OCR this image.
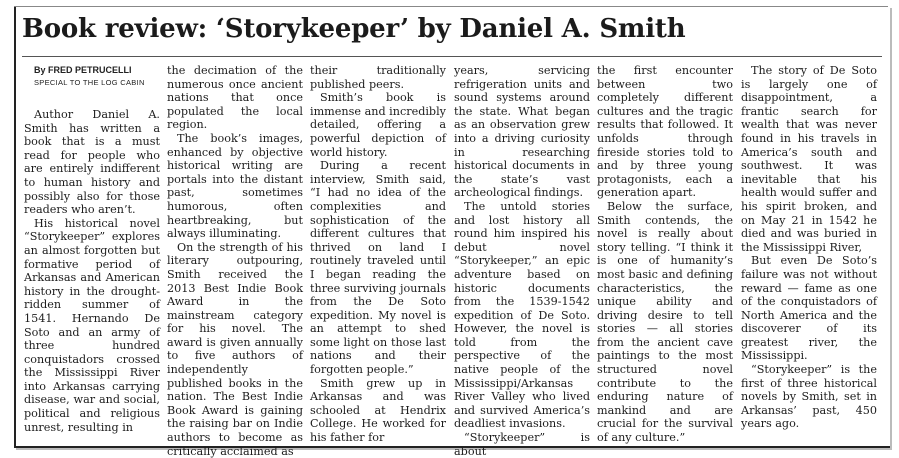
Book review: ‘Storykeeper’ by Daniel A. Smith
By FRED PETRUCELLI
SPECIAL TO THE LOG CABIN

Author Daniel A. Smith has written a book that is a must read for people who are entirely indifferent to human history and possibly also for those readers who aren’t.

His historical novel “Storykeeper” explores an almost forgotten but formative period of Arkansas and American history in the drought-ridden summer of 1541. Hernando De Soto and an army of three hundred conquistadors crossed the Mississippi River into Arkansas carrying disease, war and social, political and religious unrest, resulting in

the decimation of the numerous once ancient nations that once populated the local region.

The book’s images, enhanced by objective historical writing are portals into the distant past, sometimes humorous, often heartbreaking, but always illuminating.

On the strength of his literary outpouring, Smith received the 2013 Best Indie Book Award in the mainstream category for his novel. The award is given annually to five authors of independently published books in the nation. The Best Indie Book Award is gaining the raising bar on Indie authors to become as critically acclaimed as

their traditionally published peers.

Smith’s book is immense and incredibly detailed, offering a powerful depiction of world history.

During a recent interview, Smith said, “I had no idea of the complexities and sophistication of the different cultures that thrived on land I routinely traveled until I began reading the three surviving journals from the De Soto expedition. My novel is an attempt to shed some light on those last nations and their forgotten people.”

Smith grew up in Arkansas and was schooled at Hendrix College. He worked for his father for

years, servicing refrigeration units and sound systems around the state. What began as an observation grew into a driving curiosity in researching historical documents in the state’s vast archeological findings.

The untold stories and lost history all round him inspired his debut novel “Storykeeper,” an epic adventure based on historic documents from the 1539-1542 expedition of De Soto. However, the novel is told from the perspective of the native people of the Mississippi/Arkansas River Valley who lived and survived America’s deadliest invasions.

“Storykeeper” is about

the first encounter between two completely different cultures and the tragic results that followed. It unfolds through fireside stories told to and by three young protagonists, each a generation apart.

Below the surface, Smith contends, the novel is really about story telling. “I think it is one of humanity’s most basic and defining characteristics, the unique ability and driving desire to tell stories — all stories from the ancient cave paintings to the most structured novel contribute to the enduring nature of mankind and are crucial for the survival of any culture.”

The story of De Soto is largely one of disappointment, a frantic search for wealth that was never found in his travels in America’s south and southwest. It was inevitable that his health would suffer and his spirit broken, and on May 21 in 1542 he died and was buried in the Mississippi River,

But even De Soto’s failure was not without reward — fame as one of the conquistadors of North America and the discoverer of its greatest river, the Mississippi.

“Storykeeper” is the first of three historical novels by Smith, set in Arkansas’ past, 450 years ago.
